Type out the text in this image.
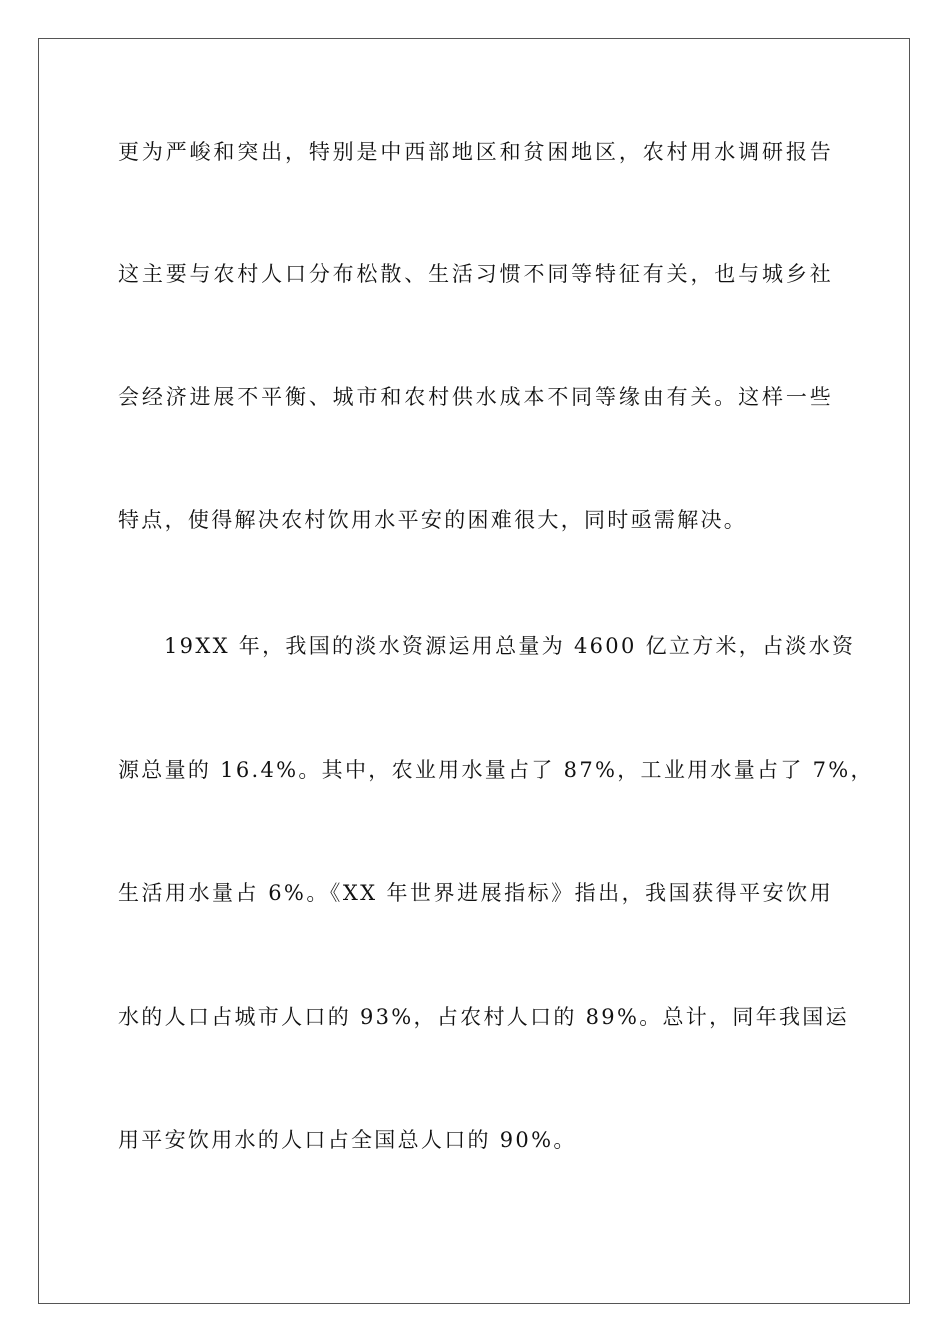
更为严峻和突出，特别是中西部地区和贫困地区，农村用水调研报告
这主要与农村人口分布松散、生活习惯不同等特征有关，也与城乡社
会经济进展不平衡、城市和农村供水成本不同等缘由有关。这样一些
特点，使得解决农村饮用水平安的困难很大，同时亟需解决。
19XX 年，我国的淡水资源运用总量为 4600 亿立方米，占淡水资
源总量的 16.4%。其中，农业用水量占了 87%，工业用水量占了 7%，
生活用水量占 6%。《XX 年世界进展指标》指出，我国获得平安饮用
水的人口占城市人口的 93%，占农村人口的 89%。总计，同年我国运
用平安饮用水的人口占全国总人口的 90%。
